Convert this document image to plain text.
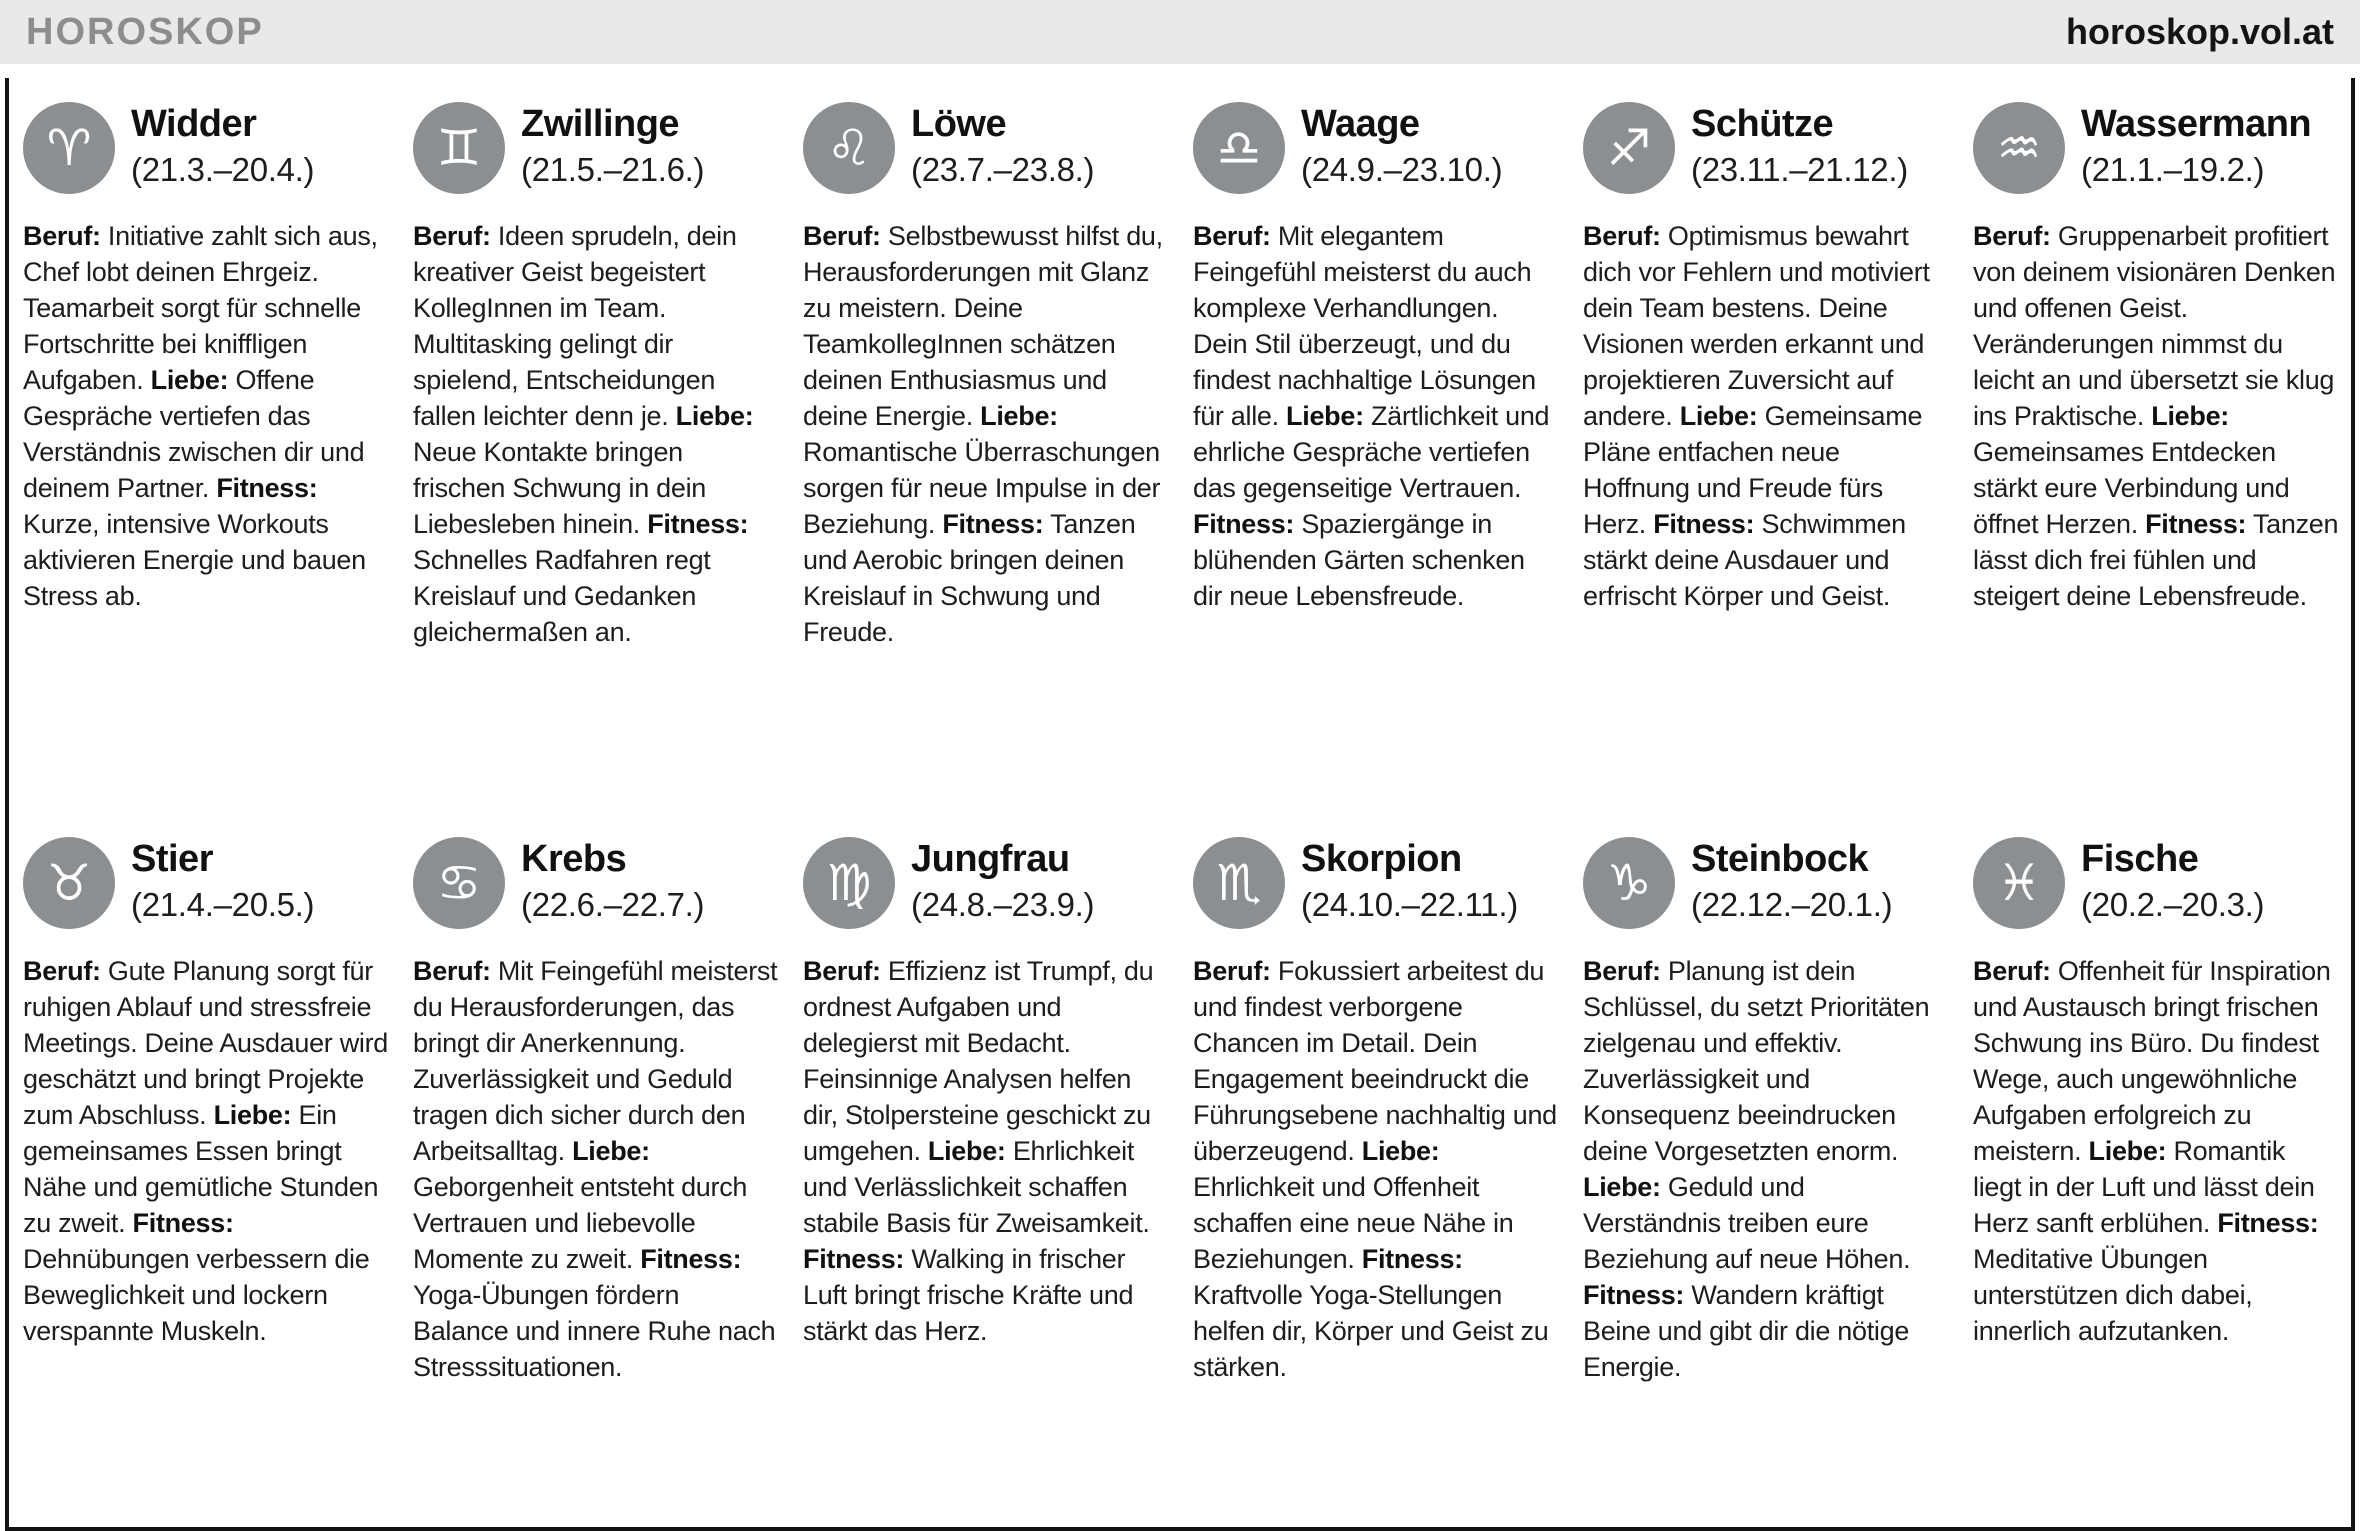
HOROSKOP	horoskop.vol.at
♈ Widder
(21.3.–20.4.)

Beruf: Initiative zahlt sich aus, Chef lobt deinen Ehrgeiz. Teamarbeit sorgt für schnelle Fortschritte bei kniffligen Aufgaben. Liebe: Offene Gespräche vertiefen das Verständnis zwischen dir und deinem Partner. Fitness: Kurze, intensive Workouts aktivieren Energie und bauen Stress ab.

♊ Zwillinge
(21.5.–21.6.)

Beruf: Ideen sprudeln, dein kreativer Geist begeistert KollegInnen im Team. Multitasking gelingt dir spielend, Entscheidungen fallen leichter denn je. Liebe: Neue Kontakte bringen frischen Schwung in dein Liebesleben hinein. Fitness: Schnelles Radfahren regt Kreislauf und Gedanken gleichermaßen an.

♌ Löwe
(23.7.–23.8.)

Beruf: Selbstbewusst hilfst du, Herausforderungen mit Glanz zu meistern. Deine TeamkollegInnen schätzen deinen Enthusiasmus und deine Energie. Liebe: Romantische Überraschungen sorgen für neue Impulse in der Beziehung. Fitness: Tanzen und Aerobic bringen deinen Kreislauf in Schwung und Freude.

♎ Waage
(24.9.–23.10.)

Beruf: Mit elegantem Feingefühl meisterst du auch komplexe Verhandlungen. Dein Stil überzeugt, und du findest nachhaltige Lösungen für alle. Liebe: Zärtlichkeit und ehrliche Gespräche vertiefen das gegenseitige Vertrauen. Fitness: Spaziergänge in blühenden Gärten schenken dir neue Lebensfreude.

♐ Schütze
(23.11.–21.12.)

Beruf: Optimismus bewahrt dich vor Fehlern und motiviert dein Team bestens. Deine Visionen werden erkannt und projektieren Zuversicht auf andere. Liebe: Gemeinsame Pläne entfachen neue Hoffnung und Freude fürs Herz. Fitness: Schwimmen stärkt deine Ausdauer und erfrischt Körper und Geist.

♒ Wassermann
(21.1.–19.2.)

Beruf: Gruppenarbeit profitiert von deinem visionären Denken und offenen Geist. Veränderungen nimmst du leicht an und übersetzt sie klug ins Praktische. Liebe: Gemeinsames Entdecken stärkt eure Verbindung und öffnet Herzen. Fitness: Tanzen lässt dich frei fühlen und steigert deine Lebensfreude.

♉ Stier
(21.4.–20.5.)

Beruf: Gute Planung sorgt für ruhigen Ablauf und stressfreie Meetings. Deine Ausdauer wird geschätzt und bringt Projekte zum Abschluss. Liebe: Ein gemeinsames Essen bringt Nähe und gemütliche Stunden zu zweit. Fitness: Dehnübungen verbessern die Beweglichkeit und lockern verspannte Muskeln.

♋ Krebs
(22.6.–22.7.)

Beruf: Mit Feingefühl meisterst du Herausforderungen, das bringt dir Anerkennung. Zuverlässigkeit und Geduld tragen dich sicher durch den Arbeitsalltag. Liebe: Geborgenheit entsteht durch Vertrauen und liebevolle Momente zu zweit. Fitness: Yoga-Übungen fördern Balance und innere Ruhe nach Stresssituationen.

♍ Jungfrau
(24.8.–23.9.)

Beruf: Effizienz ist Trumpf, du ordnest Aufgaben und delegierst mit Bedacht. Feinsinnige Analysen helfen dir, Stolpersteine geschickt zu umgehen. Liebe: Ehrlichkeit und Verlässlichkeit schaffen stabile Basis für Zweisamkeit. Fitness: Walking in frischer Luft bringt frische Kräfte und stärkt das Herz.

♏ Skorpion
(24.10.–22.11.)

Beruf: Fokussiert arbeitest du und findest verborgene Chancen im Detail. Dein Engagement beeindruckt die Führungsebene nachhaltig und überzeugend. Liebe: Ehrlichkeit und Offenheit schaffen eine neue Nähe in Beziehungen. Fitness: Kraftvolle Yoga-Stellungen helfen dir, Körper und Geist zu stärken.

♑ Steinbock
(22.12.–20.1.)

Beruf: Planung ist dein Schlüssel, du setzt Prioritäten zielgenau und effektiv. Zuverlässigkeit und Konsequenz beeindrucken deine Vorgesetzten enorm. Liebe: Geduld und Verständnis treiben eure Beziehung auf neue Höhen. Fitness: Wandern kräftigt Beine und gibt dir die nötige Energie.

♓ Fische
(20.2.–20.3.)

Beruf: Offenheit für Inspiration und Austausch bringt frischen Schwung ins Büro. Du findest Wege, auch ungewöhnliche Aufgaben erfolgreich zu meistern. Liebe: Romantik liegt in der Luft und lässt dein Herz sanft erblühen. Fitness: Meditative Übungen unterstützen dich dabei, innerlich aufzutanken.
